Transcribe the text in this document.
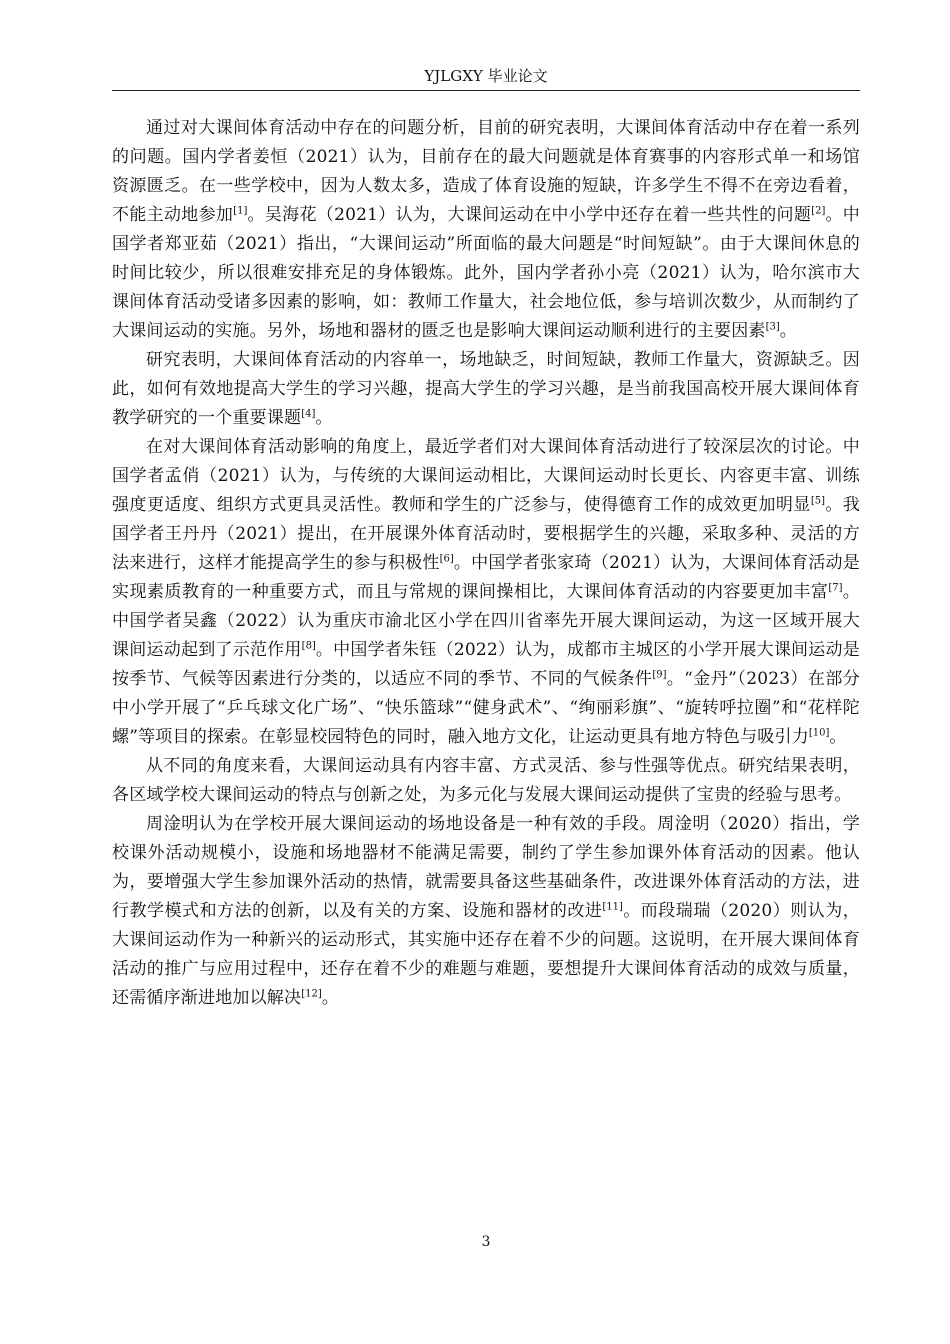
YJLGXY 毕业论文

通过对大课间体育活动中存在的问题分析，目前的研究表明，大课间体育活动中存在着一系列的问题。国内学者姜恒（2021）认为，目前存在的最大问题就是体育赛事的内容形式单一和场馆资源匮乏。在一些学校中，因为人数太多，造成了体育设施的短缺，许多学生不得不在旁边看着，不能主动地参加[1]。吴海花（2021）认为，大课间运动在中小学中还存在着一些共性的问题[2]。中国学者郑亚茹（2021）指出，“大课间运动”所面临的最大问题是“时间短缺”。由于大课间休息的时间比较少，所以很难安排充足的身体锻炼。此外，国内学者孙小亮（2021）认为，哈尔滨市大课间体育活动受诸多因素的影响，如：教师工作量大，社会地位低，参与培训次数少，从而制约了大课间运动的实施。另外，场地和器材的匮乏也是影响大课间运动顺利进行的主要因素[3]。

研究表明，大课间体育活动的内容单一，场地缺乏，时间短缺，教师工作量大，资源缺乏。因此，如何有效地提高大学生的学习兴趣，提高大学生的学习兴趣，是当前我国高校开展大课间体育教学研究的一个重要课题[4]。

在对大课间体育活动影响的角度上，最近学者们对大课间体育活动进行了较深层次的讨论。中国学者孟俏（2021）认为，与传统的大课间运动相比，大课间运动时长更长、内容更丰富、训练强度更适度、组织方式更具灵活性。教师和学生的广泛参与，使得德育工作的成效更加明显[5]。我国学者王丹丹（2021）提出，在开展课外体育活动时，要根据学生的兴趣，采取多种、灵活的方法来进行，这样才能提高学生的参与积极性[6]。中国学者张家琦（2021）认为，大课间体育活动是实现素质教育的一种重要方式，而且与常规的课间操相比，大课间体育活动的内容要更加丰富[7]。中国学者吴鑫（2022）认为重庆市渝北区小学在四川省率先开展大课间运动，为这一区域开展大课间运动起到了示范作用[8]。中国学者朱钰（2022）认为，成都市主城区的小学开展大课间运动是按季节、气候等因素进行分类的，以适应不同的季节、不同的气候条件[9]。“金丹”（2023）在部分中小学开展了“乒乓球文化广场”、“快乐篮球”“健身武术”、“绚丽彩旗”、“旋转呼拉圈”和“花样陀螺”等项目的探索。在彰显校园特色的同时，融入地方文化，让运动更具有地方特色与吸引力[10]。

从不同的角度来看，大课间运动具有内容丰富、方式灵活、参与性强等优点。研究结果表明，各区域学校大课间运动的特点与创新之处，为多元化与发展大课间运动提供了宝贵的经验与思考。

周淦明认为在学校开展大课间运动的场地设备是一种有效的手段。周淦明（2020）指出，学校课外活动规模小，设施和场地器材不能满足需要，制约了学生参加课外体育活动的因素。他认为，要增强大学生参加课外活动的热情，就需要具备这些基础条件，改进课外体育活动的方法，进行教学模式和方法的创新，以及有关的方案、设施和器材的改进[11]。而段瑞瑞（2020）则认为，大课间运动作为一种新兴的运动形式，其实施中还存在着不少的问题。这说明，在开展大课间体育活动的推广与应用过程中，还存在着不少的难题与难题，要想提升大课间体育活动的成效与质量，还需循序渐进地加以解决[12]。

3
